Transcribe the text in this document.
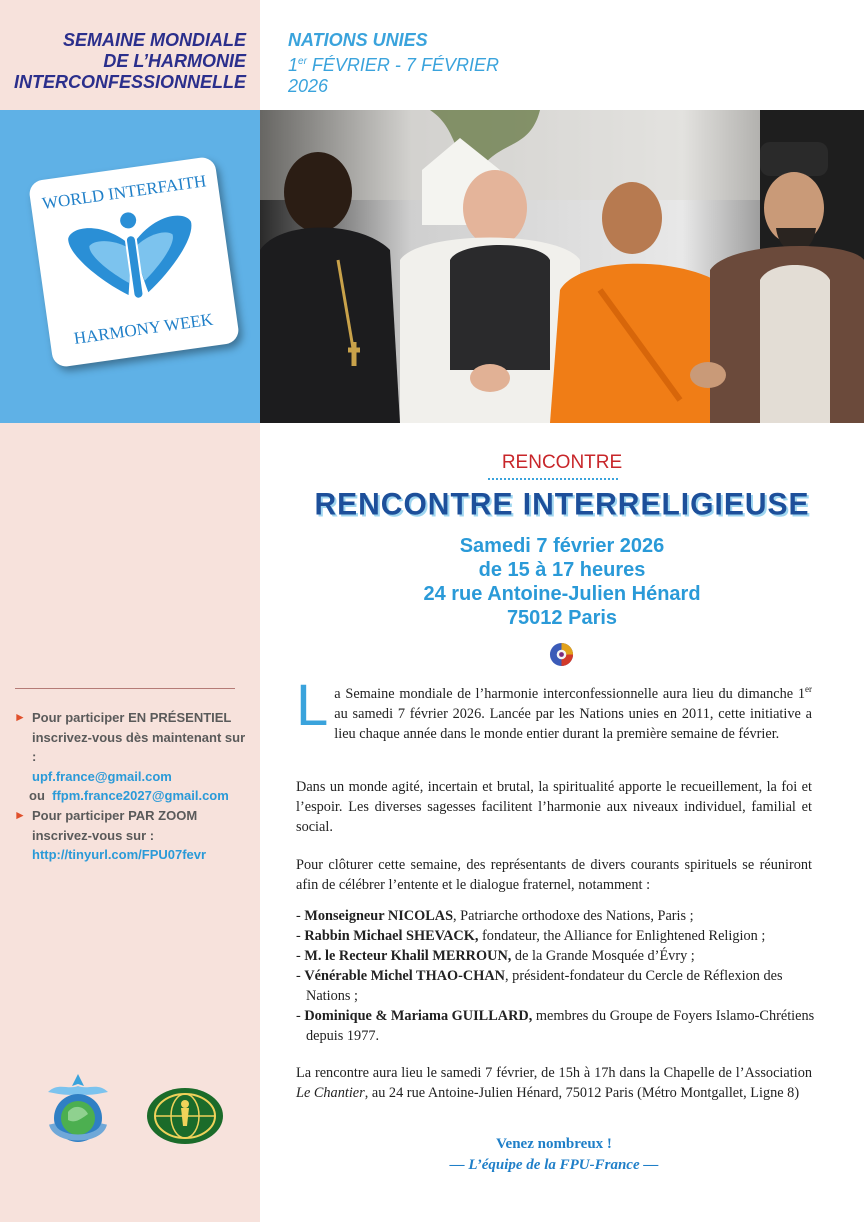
SEMAINE MONDIALE
DE L’HARMONIE
INTERCONFESSIONNELLE
NATIONS UNIES
1er FÉVRIER - 7 FÉVRIER
2026
WORLD INTERFAITH
HARMONY WEEK
RENCONTRE
RENCONTRE INTERRELIGIEUSE
Samedi 7 février 2026
de 15 à 17 heures
24 rue Antoine-Julien Hénard
75012 Paris
► Pour participer EN PRÉSENTIEL
inscrivez-vous dès maintenant sur :
upf.france@gmail.com
ou ffpm.france2027@gmail.com
► Pour participer PAR ZOOM
inscrivez-vous sur :
http://tinyurl.com/FPU07fevr
La Semaine mondiale de l’harmonie interconfessionnelle aura lieu du dimanche 1er au samedi 7 février 2026. Lancée par les Nations unies en 2011, cette initiative a lieu chaque année dans le monde entier durant la première semaine de février.
Dans un monde agité, incertain et brutal, la spiritualité apporte le recueillement, la foi et l’espoir. Les diverses sagesses facilitent l’harmonie aux niveaux individuel, familial et social.
Pour clôturer cette semaine, des représentants de divers courants spirituels se réuniront afin de célébrer l’entente et le dialogue fraternel, notamment :
- Monseigneur NICOLAS, Patriarche orthodoxe des Nations, Paris ;
- Rabbin Michael SHEVACK, fondateur, the Alliance for Enlightened Religion ;
- M. le Recteur Khalil MERROUN, de la Grande Mosquée d’Évry ;
- Vénérable Michel THAO-CHAN, président-fondateur du Cercle de Réflexion des Nations ;
- Dominique & Mariama GUILLARD, membres du Groupe de Foyers Islamo-Chrétiens depuis 1977.
La rencontre aura lieu le samedi 7 février, de 15h à 17h dans la Chapelle de l’Association Le Chantier, au 24 rue Antoine-Julien Hénard, 75012 Paris (Métro Montgallet, Ligne 8)
Venez nombreux !
— L’équipe de la FPU-France —
